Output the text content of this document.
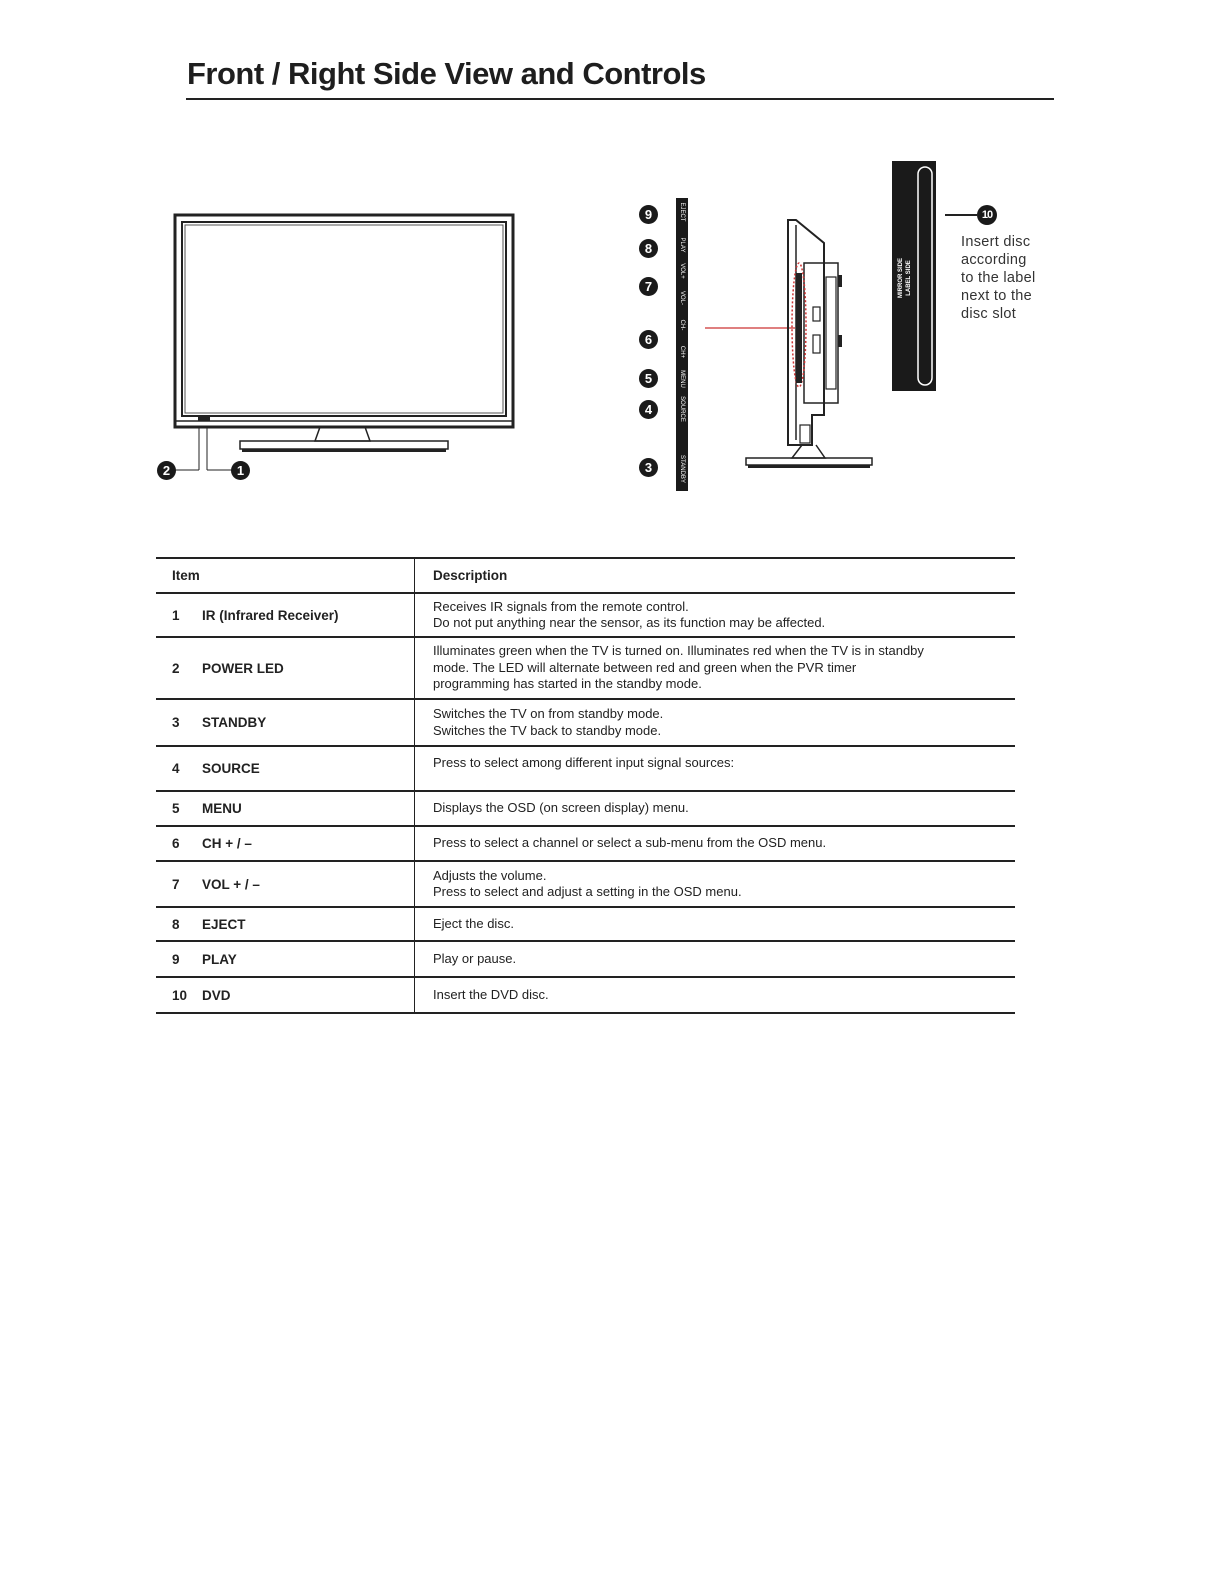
Front / Right Side View and Controls
2	1
9
8
7
6
5
4
3
EJECT
PLAY
VOL+
VOL-
CH-
CH+
MENU
SOURCE
STANDBY
LABEL SIDE
MIRROR SIDE
10
Insert disc
according
to the label
next to the
disc slot
Item	Description
1 IR (Infrared Receiver)	Receives IR signals from the remote control.
Do not put anything near the sensor, as its function may be affected.

2 POWER LED	Illuminates green when the TV is turned on. Illuminates red when the TV is in standby
mode. The LED will alternate between red and green when the PVR timer
programming has started in the standby mode.

3 STANDBY	Switches the TV on from standby mode.
Switches the TV back to standby mode.

4 SOURCE	Press to select among different input signal sources:

5 MENU	Displays the OSD (on screen display) menu.

6 CH + / –	Press to select a channel or select a sub-menu from the OSD menu.

7 VOL + / –	Adjusts the volume.
Press to select and adjust a setting in the OSD menu.

8 EJECT	Eject the disc.

9 PLAY	Play or pause.

10 DVD	Insert the DVD disc.
